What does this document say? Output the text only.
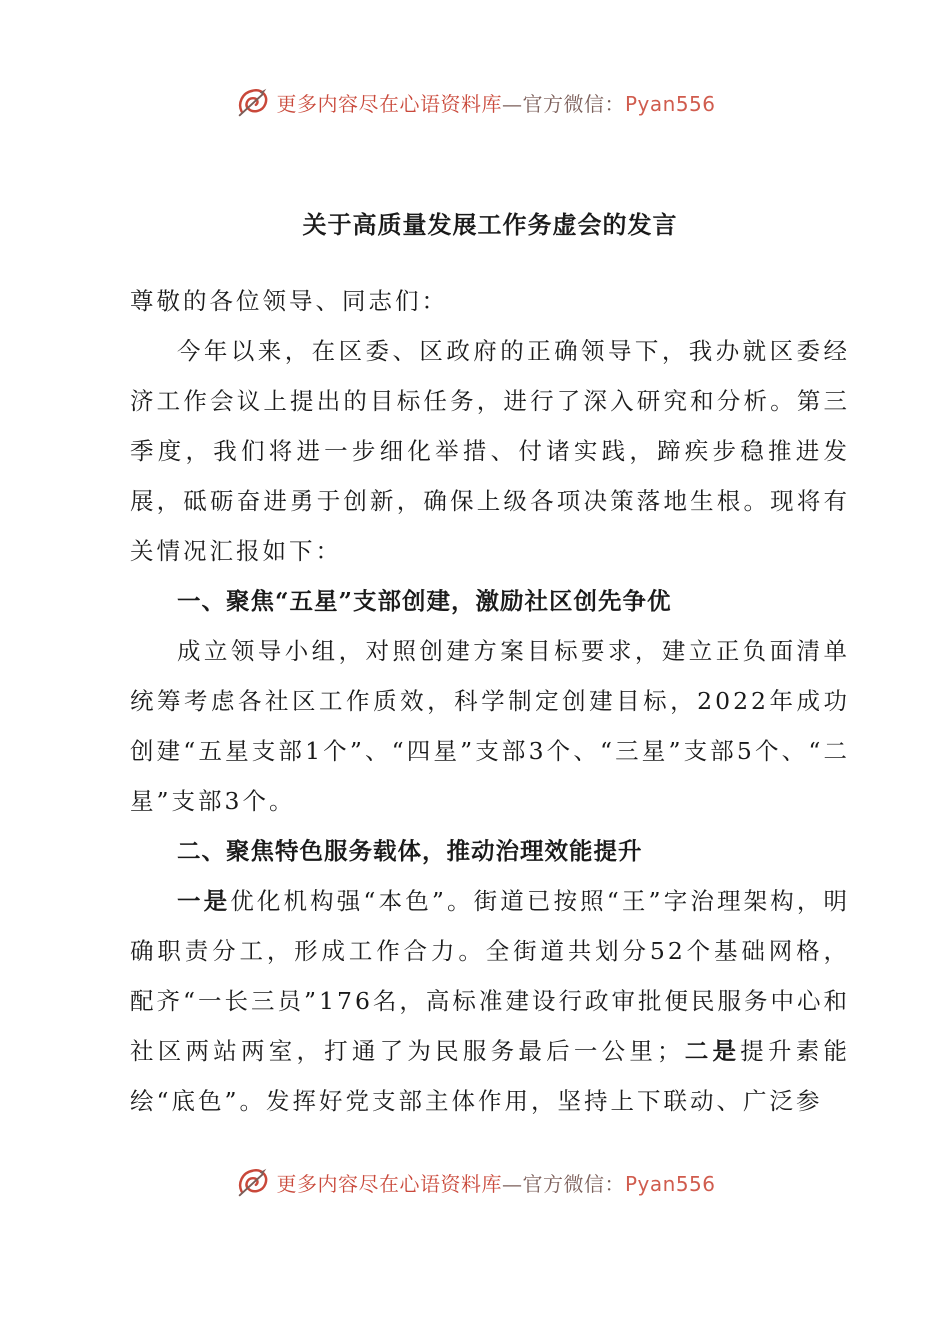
更多内容尽在心语资料库—官方微信：Pyan556
关于高质量发展工作务虚会的发言
尊敬的各位领导、同志们：

今年以来，在区委、区政府的正确领导下，我办就区委经济工作会议上提出的目标任务，进行了深入研究和分析。第三季度，我们将进一步细化举措、付诸实践，蹄疾步稳推进发展，砥砺奋进勇于创新，确保上级各项决策落地生根。现将有关情况汇报如下：

一、聚焦“五星”支部创建，激励社区创先争优

成立领导小组，对照创建方案目标要求，建立正负面清单统筹考虑各社区工作质效，科学制定创建目标，2022年成功创建“五星支部1个”、“四星”支部3个、“三星”支部5个、“二星”支部3个。

二、聚焦特色服务载体，推动治理效能提升

一是优化机构强“本色”。街道已按照“王”字治理架构，明确职责分工，形成工作合力。全街道共划分52个基础网格，配齐“一长三员”176名，高标准建设行政审批便民服务中心和社区两站两室，打通了为民服务最后一公里；二是提升素能绘“底色”。发挥好党支部主体作用，坚持上下联动、广泛参

更多内容尽在心语资料库—官方微信：Pyan556
